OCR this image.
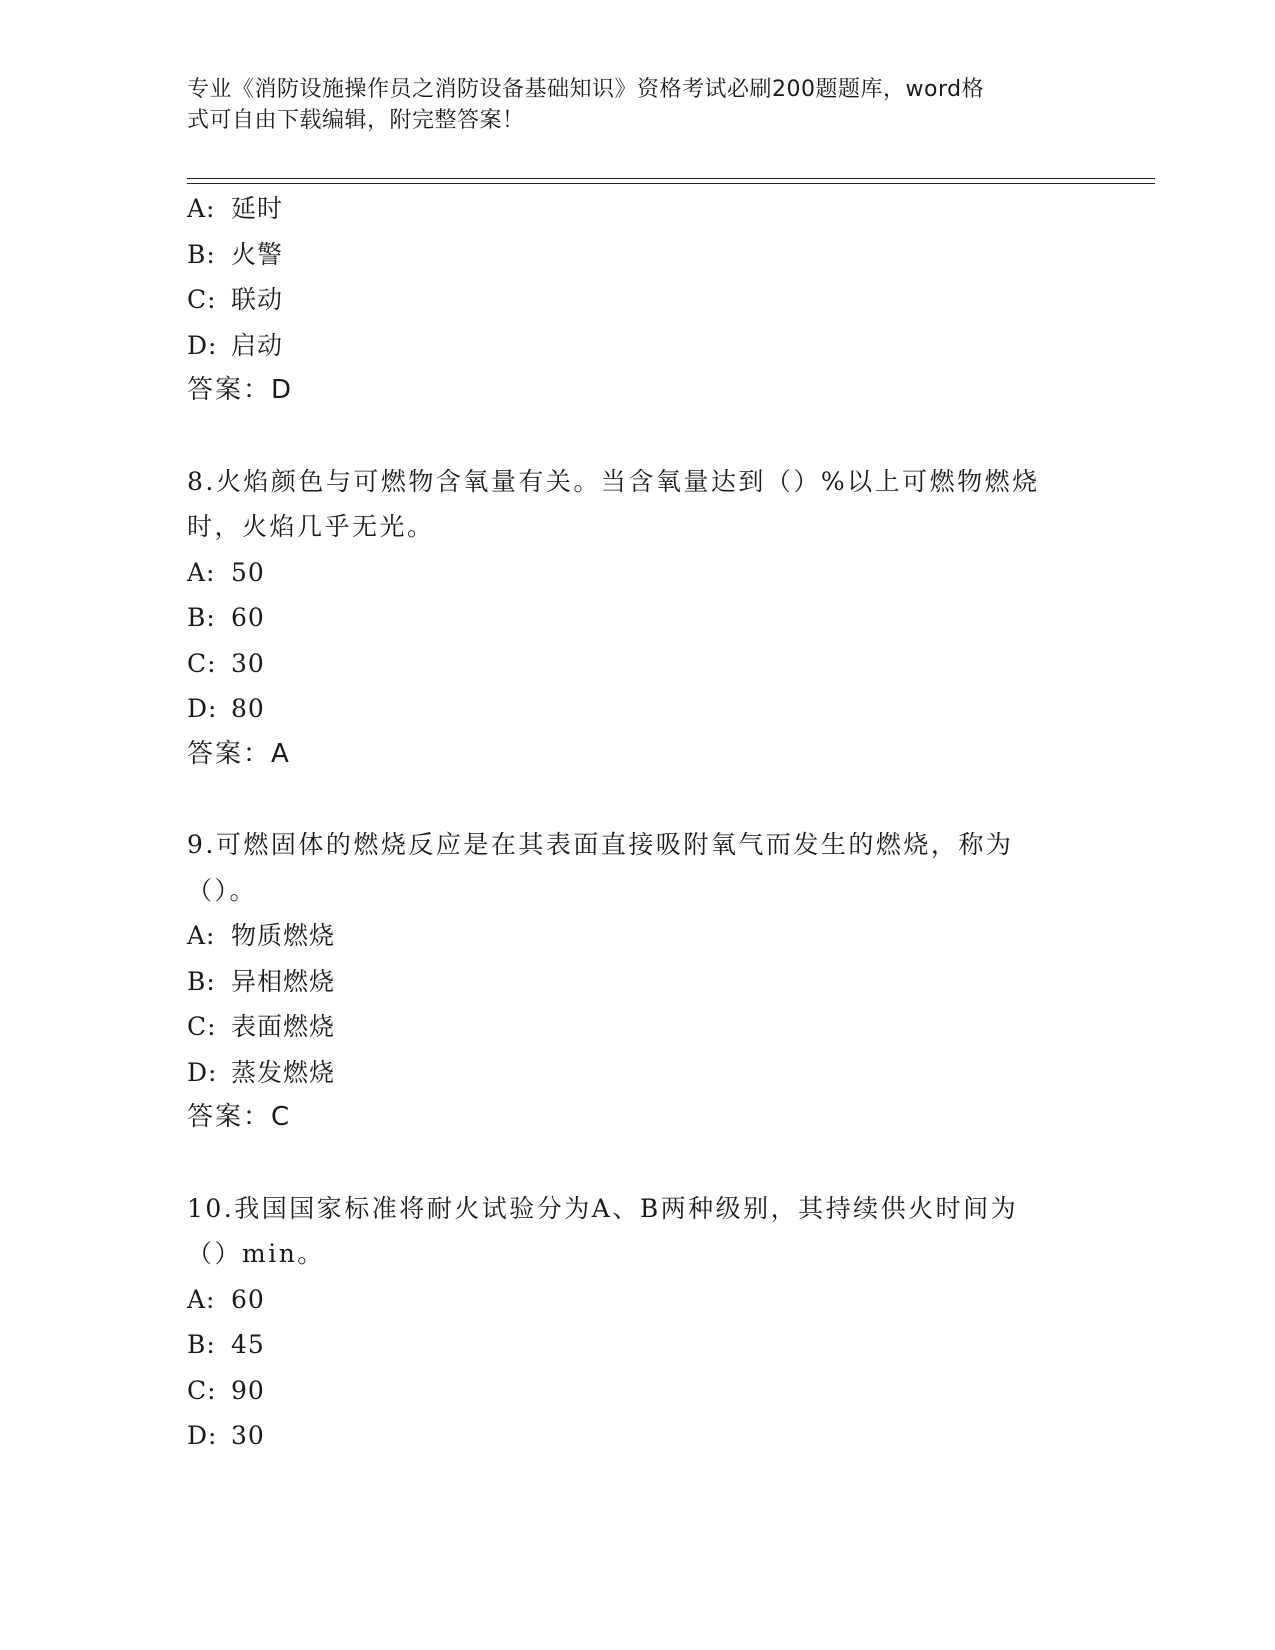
专业《消防设施操作员之消防设备基础知识》资格考试必刷200题题库，word格
式可自由下载编辑，附完整答案！
A: 延时
B: 火警
C: 联动
D: 启动
答案：D
8.火焰颜色与可燃物含氧量有关。当含氧量达到（）%以上可燃物燃烧
时，火焰几乎无光。
A: 50
B: 60
C: 30
D: 80
答案：A
9.可燃固体的燃烧反应是在其表面直接吸附氧气而发生的燃烧，称为
（）。
A: 物质燃烧
B: 异相燃烧
C: 表面燃烧
D: 蒸发燃烧
答案：C
10.我国国家标准将耐火试验分为A、B两种级别，其持续供火时间为
（）min。
A: 60
B: 45
C: 90
D: 30
